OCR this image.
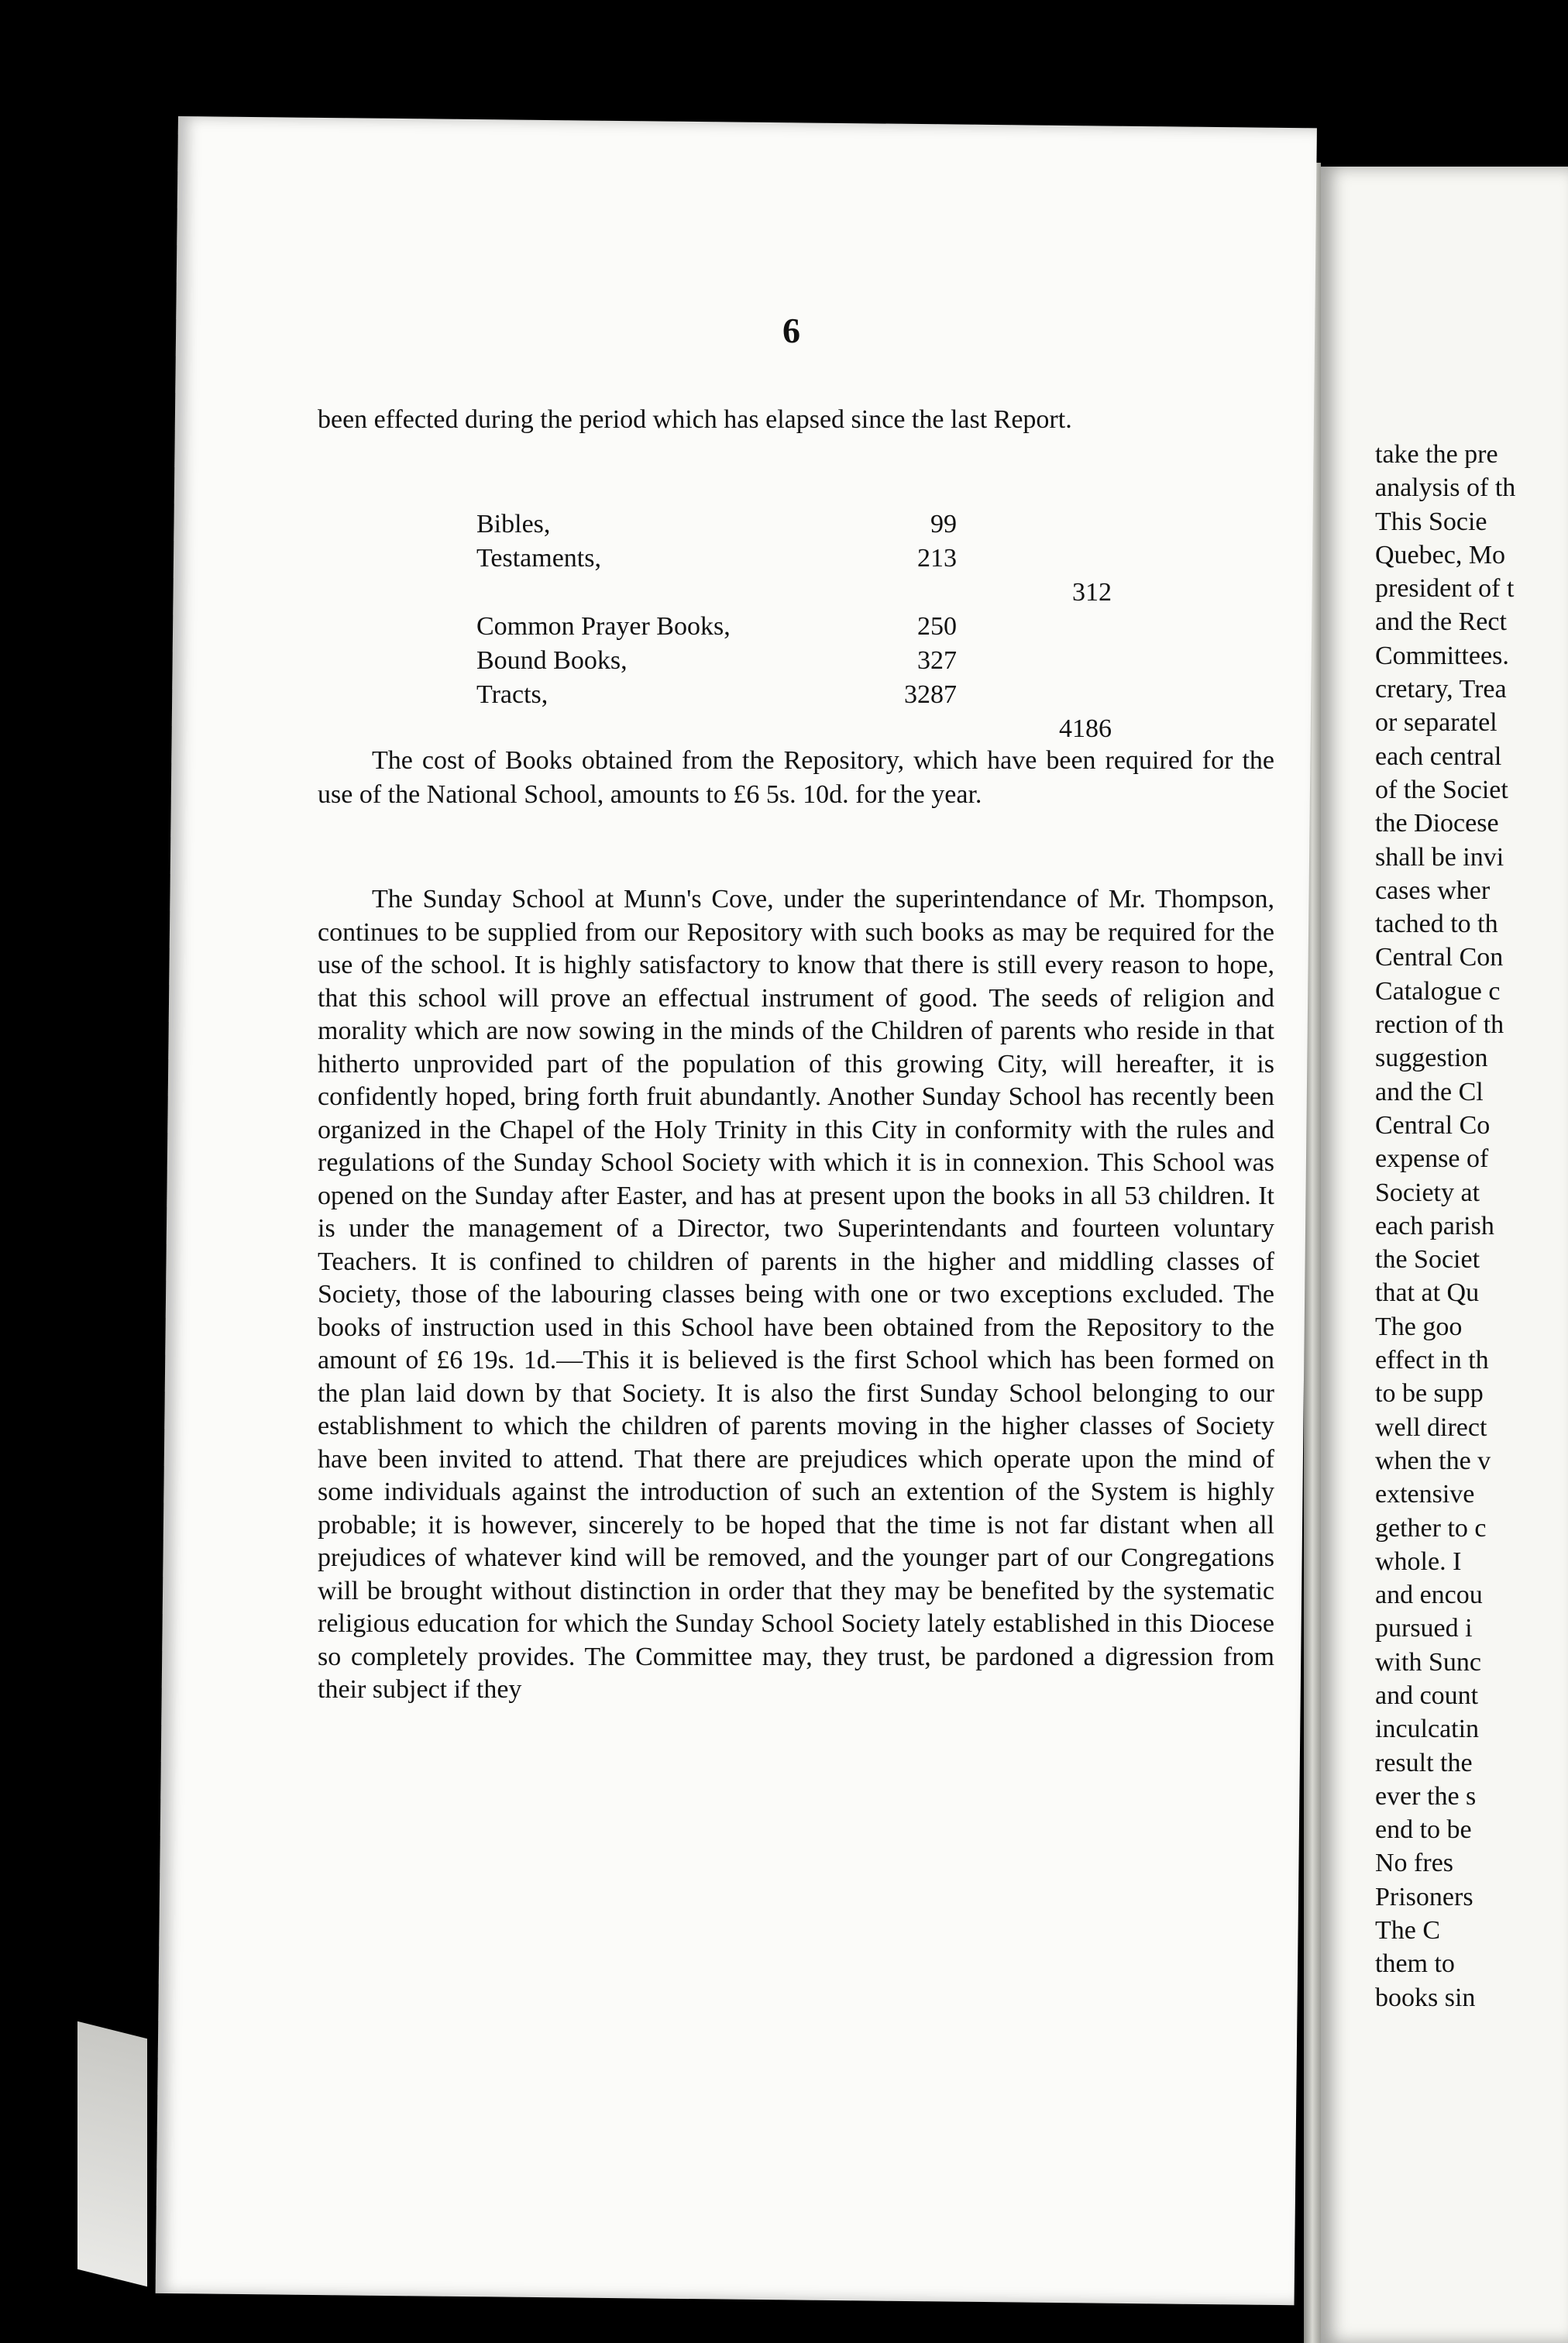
6
been effected during the period which has elapsed since the last Report.
Bibles,	99
Testaments,	213
312
Common Prayer Books,	250
Bound Books,	327
Tracts,	3287
4186
The cost of Books obtained from the Repository, which have been required for the use of the National School, amounts to £6 5s. 10d. for the year.
The Sunday School at Munn's Cove, under the superintendance of Mr. Thompson, continues to be supplied from our Repository with such books as may be required for the use of the school. It is highly satisfactory to know that there is still every reason to hope, that this school will prove an effectual instrument of good. The seeds of religion and morality which are now sowing in the minds of the Children of parents who reside in that hitherto unprovided part of the population of this growing City, will hereafter, it is confidently hoped, bring forth fruit abundantly. Another Sunday School has recently been organized in the Chapel of the Holy Trinity in this City in conformity with the rules and regulations of the Sunday School Society with which it is in connexion. This School was opened on the Sunday after Easter, and has at present upon the books in all 53 children. It is under the management of a Director, two Superintendants and fourteen voluntary Teachers. It is confined to children of parents in the higher and middling classes of Society, those of the labouring classes being with one or two exceptions excluded. The books of instruction used in this School have been obtained from the Repository to the amount of £6 19s. 1d.—This it is believed is the first School which has been formed on the plan laid down by that Society. It is also the first Sunday School belonging to our establishment to which the children of parents moving in the higher classes of Society have been invited to attend. That there are prejudices which operate upon the mind of some individuals against the introduction of such an extention of the System is highly probable; it is however, sincerely to be hoped that the time is not far distant when all prejudices of whatever kind will be removed, and the younger part of our Congregations will be brought without distinction in order that they may be benefited by the systematic religious education for which the Sunday School Society lately established in this Diocese so completely provides. The Committee may, they trust, be pardoned a digression from their subject if they
take the pre
analysis of th
This Socie
Quebec, Mo
president of t
and the Rect
Committees.
cretary, Trea
or separatel
each central
of the Societ
the Diocese
shall be invi
cases wher
tached to th
Central Con
Catalogue c
rection of th
suggestion
and the Cl
Central Co
expense of
Society at
each parish
the Societ
that at Qu
The goo
effect in th
to be supp
well direct
when the v
extensive
gether to c
whole. I
and encou
pursued i
with Sunc
and count
inculcatin
result the
ever the s
end to be
No fres
Prisoners
The C
them to
books sin
